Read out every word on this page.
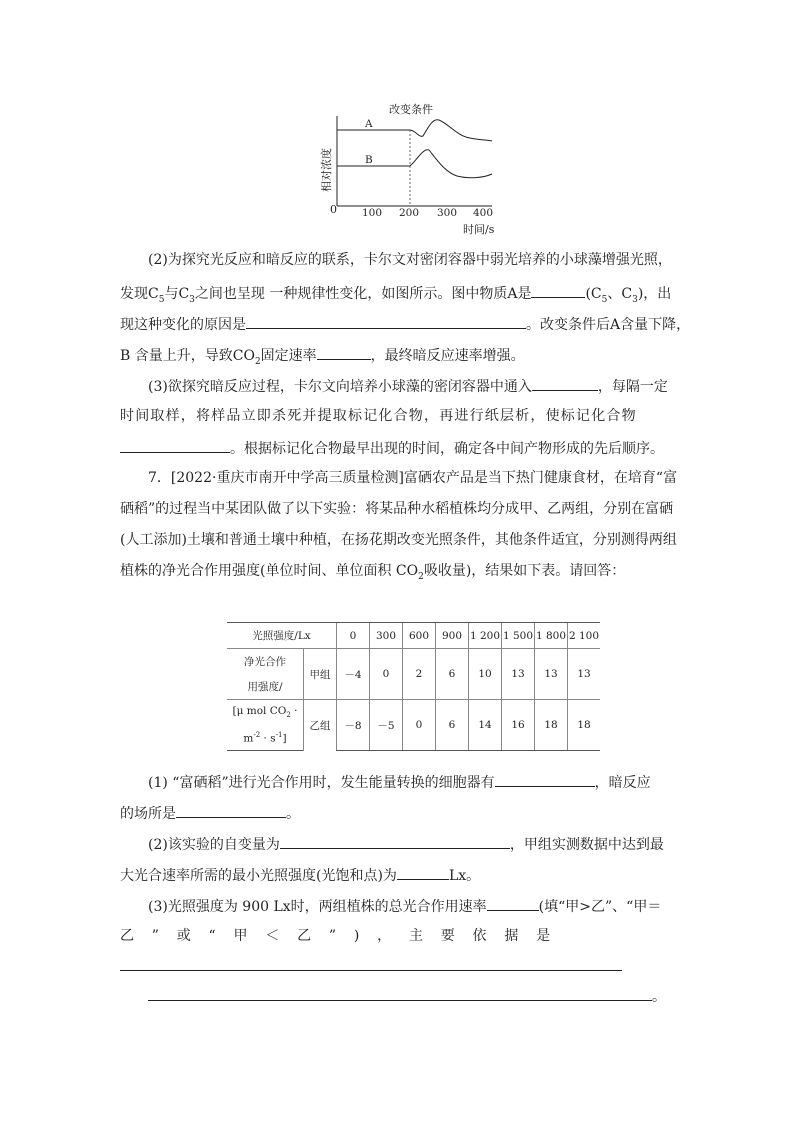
改变条件
相对浓度
A
B
0 100 200 300 400
时间/s
(2)为探究光反应和暗反应的联系，卡尔文对密闭容器中弱光培养的小球藻增强光照，
发现$C_5$与$C_3$之间也呈现 一种规律性变化，如图所示。图中物质A是	($C_5$、$C_3$)，出
现这种变化的原因是	。改变条件后A含量下降，
B 含量上升，导致$CO_2$固定速率	，最终暗反应速率增强。
(3)欲探究暗反应过程，卡尔文向培养小球藻的密闭容器中通入	，每隔一定
时间取样，将样品立即杀死并提取标记化合物，再进行纸层析，使标记化合物
。根据标记化合物最早出现的时间，确定各中间产物形成的先后顺序。
7．[2022·重庆市南开中学高三质量检测]富硒农产品是当下热门健康食材，在培育“富
硒稻”的过程当中某团队做了以下实验：将某品种水稻植株均分成甲、乙两组，分别在富硒
(人工添加)土壤和普通土壤中种植，在扬花期改变光照条件，其他条件适宜，分别测得两组
植株的净光合作用强度(单位时间、单位面积 $CO_2$吸收量)，结果如下表。请回答：
光照强度/Lx		0	300	600	900	1 200	1 500	1 800	2 100
净光合作	甲组	－4	0	2	6	10	13	13	13
用强度/									
[μ mol $CO_2$ ·	乙组	－8	－5	0	6	14	16	18	18
$m^{-2} \cdot s^{-1}$]									
(1) “富硒稻”进行光合作用时，发生能量转换的细胞器有	，暗反应
的场所是	。
(2)该实验的自变量为	，甲组实测数据中达到最
大光合速率所需的最小光照强度(光饱和点)为	Lx。
(3)光照强度为 900 Lx时，两组植株的总光合作用速率	(填“甲>乙”、“甲＝
乙    ”    或    “    甲    ＜    乙    ”    )    ，    主    要    依    据    是
。
